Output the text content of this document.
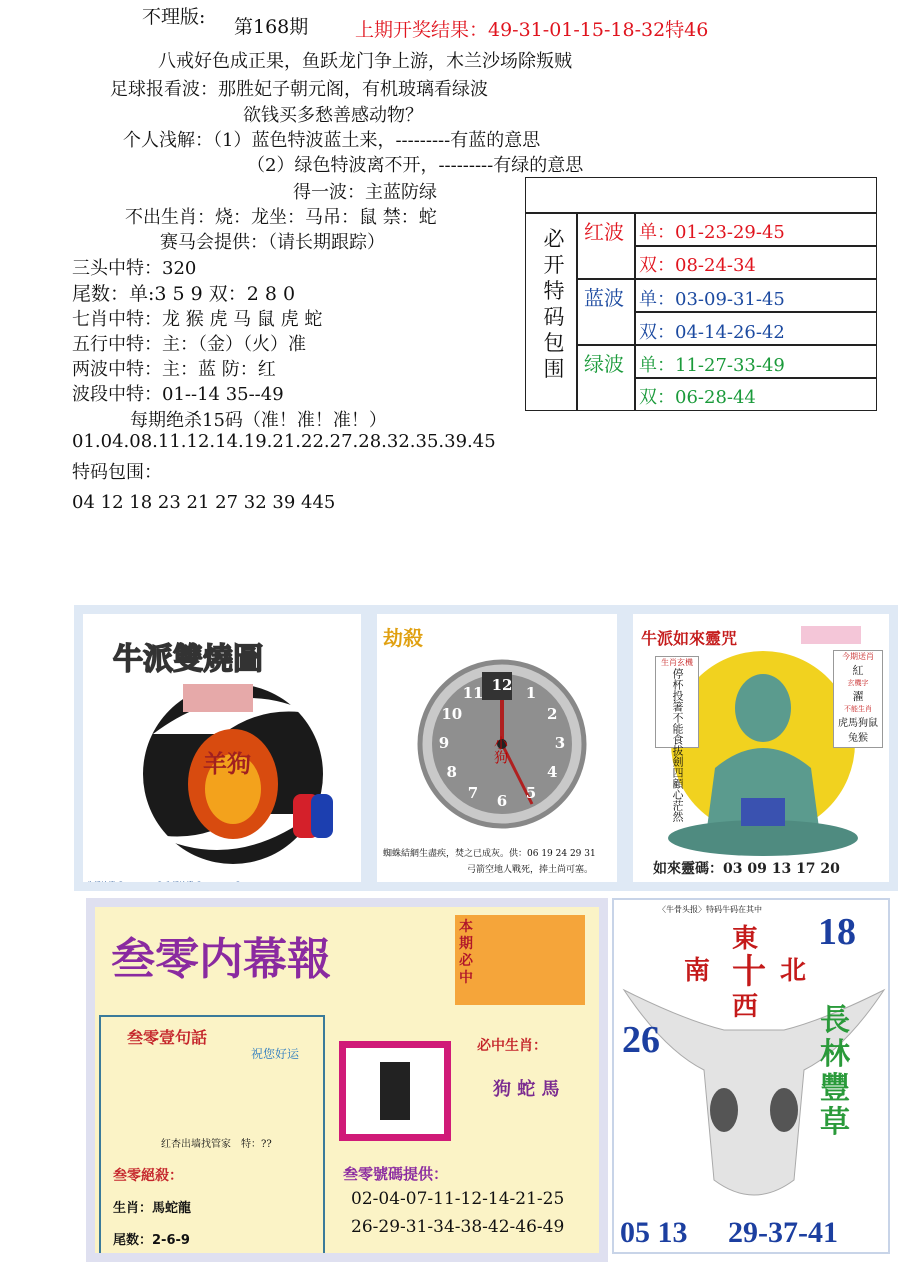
不理版: 第168期 上期开奖结果：49-31-01-15-18-32特46
八戒好色成正果，鱼跃龙门争上游，木兰沙场除叛贼
足球报看波：那胜妃子朝元阁，有机玻璃看绿波
欲钱买多愁善感动物？
个人浅解：（1）蓝色特波蓝土来，---------有蓝的意思
（2）绿色特波离不开，---------有绿的意思
得一波：主蓝防绿
不出生肖：烧：龙坐：马吊：鼠 禁：蛇
赛马会提供：（请长期跟踪）
三头中特：320
尾数：单:3 5 9 双：2 8 0
七肖中特：龙 猴 虎 马 鼠 虎 蛇
五行中特：主：（金）（火）准
两波中特：主：蓝 防：红
波段中特：01--14 35--49
每期绝杀15码（准！准！准！）
01.04.08.11.12.14.19.21.22.27.28.32.35.39.45
特码包围：
04 12 18 23 21 27 32 39 445
必开特码包围
红波 单：01-23-29-45
双：08-24-34
蓝波 单：03-09-31-45
双：04-14-26-42
绿波 单：11-27-33-49
双：06-28-44
牛派論壇 @ · ZPHP · @ 牛派論壇 @ · ZPHP · @
牛派論壇 @ · ZPHP · @ 牛派論壇 @ · ZPHP · @
牛派雙燒圖
羊狗
劫殺
小狗
蜘蛛結網生盡疾，焚之已成灰。供：06 19 24 29 31
弓箭空地人戰死，捧土尚可塞。
12 1
2
3
4
5
6
7
8
9
10
11
牛派如來靈咒
生肖玄機
停杯投箸不能食拔劍四顧心茫然
今期送肖
紅
玄機字
濯
不能生肖
虎馬狗鼠兔猴
如來靈碼：03 09 13 17 20
叁零内幕報
本期必中
叁零壹句話
祝您好运
红杏出墙找管家　特：??
叁零絕殺：
生肖：馬蛇龍
尾数：2-6-9
必中生肖：
狗 蛇 馬
叁零號碼提供：
02-04-07-11-12-14-21-25
26-29-31-34-38-42-46-49
〈牛骨头报〉特码牛码在其中
東
南 十 北
西
18
26	長林豐草
05 13 29-37-41
